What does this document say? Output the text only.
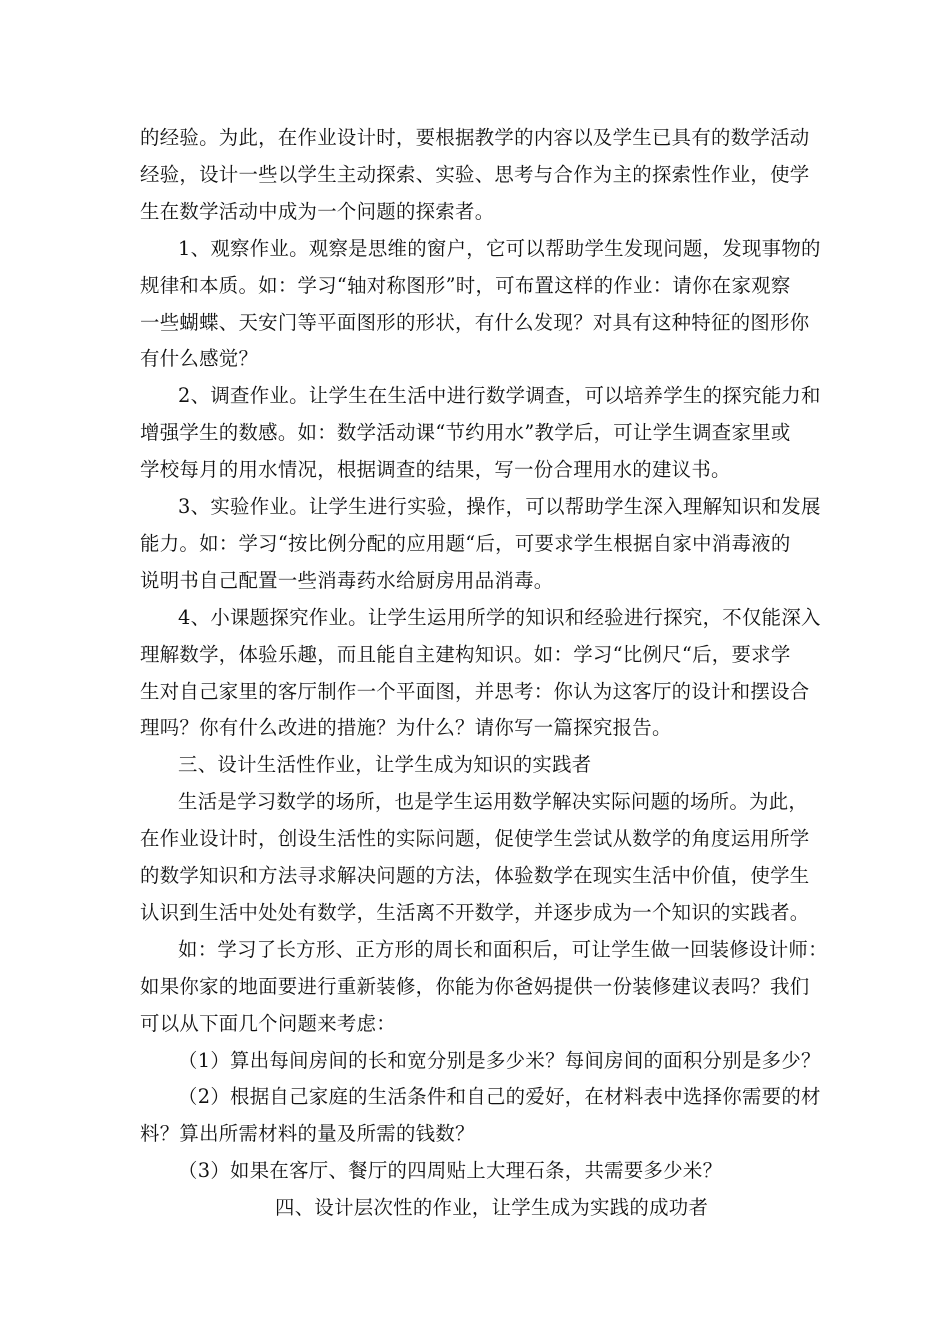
的经验。为此，在作业设计时，要根据教学的内容以及学生已具有的数学活动
经验，设计一些以学生主动探索、实验、思考与合作为主的探索性作业，使学
生在数学活动中成为一个问题的探索者。
1、观察作业。观察是思维的窗户，它可以帮助学生发现问题，发现事物的
规律和本质。如：学习“轴对称图形”时，可布置这样的作业：请你在家观察
一些蝴蝶、天安门等平面图形的形状，有什么发现？对具有这种特征的图形你
有什么感觉？
2、调查作业。让学生在生活中进行数学调查，可以培养学生的探究能力和
增强学生的数感。如：数学活动课“节约用水”教学后，可让学生调查家里或
学校每月的用水情况，根据调查的结果，写一份合理用水的建议书。
3、实验作业。让学生进行实验，操作，可以帮助学生深入理解知识和发展
能力。如：学习“按比例分配的应用题“后，可要求学生根据自家中消毒液的
说明书自己配置一些消毒药水给厨房用品消毒。
4、小课题探究作业。让学生运用所学的知识和经验进行探究，不仅能深入
理解数学，体验乐趣，而且能自主建构知识。如：学习“比例尺“后，要求学
生对自己家里的客厅制作一个平面图，并思考：你认为这客厅的设计和摆设合
理吗？你有什么改进的措施？为什么？请你写一篇探究报告。
三、设计生活性作业，让学生成为知识的实践者
生活是学习数学的场所，也是学生运用数学解决实际问题的场所。为此，
在作业设计时，创设生活性的实际问题，促使学生尝试从数学的角度运用所学
的数学知识和方法寻求解决问题的方法，体验数学在现实生活中价值，使学生
认识到生活中处处有数学，生活离不开数学，并逐步成为一个知识的实践者。
如：学习了长方形、正方形的周长和面积后，可让学生做一回装修设计师：
如果你家的地面要进行重新装修，你能为你爸妈提供一份装修建议表吗？我们
可以从下面几个问题来考虑：
（1）算出每间房间的长和宽分别是多少米？每间房间的面积分别是多少？
（2）根据自己家庭的生活条件和自己的爱好，在材料表中选择你需要的材
料？算出所需材料的量及所需的钱数？
（3）如果在客厅、餐厅的四周贴上大理石条，共需要多少米？
四、设计层次性的作业，让学生成为实践的成功者
